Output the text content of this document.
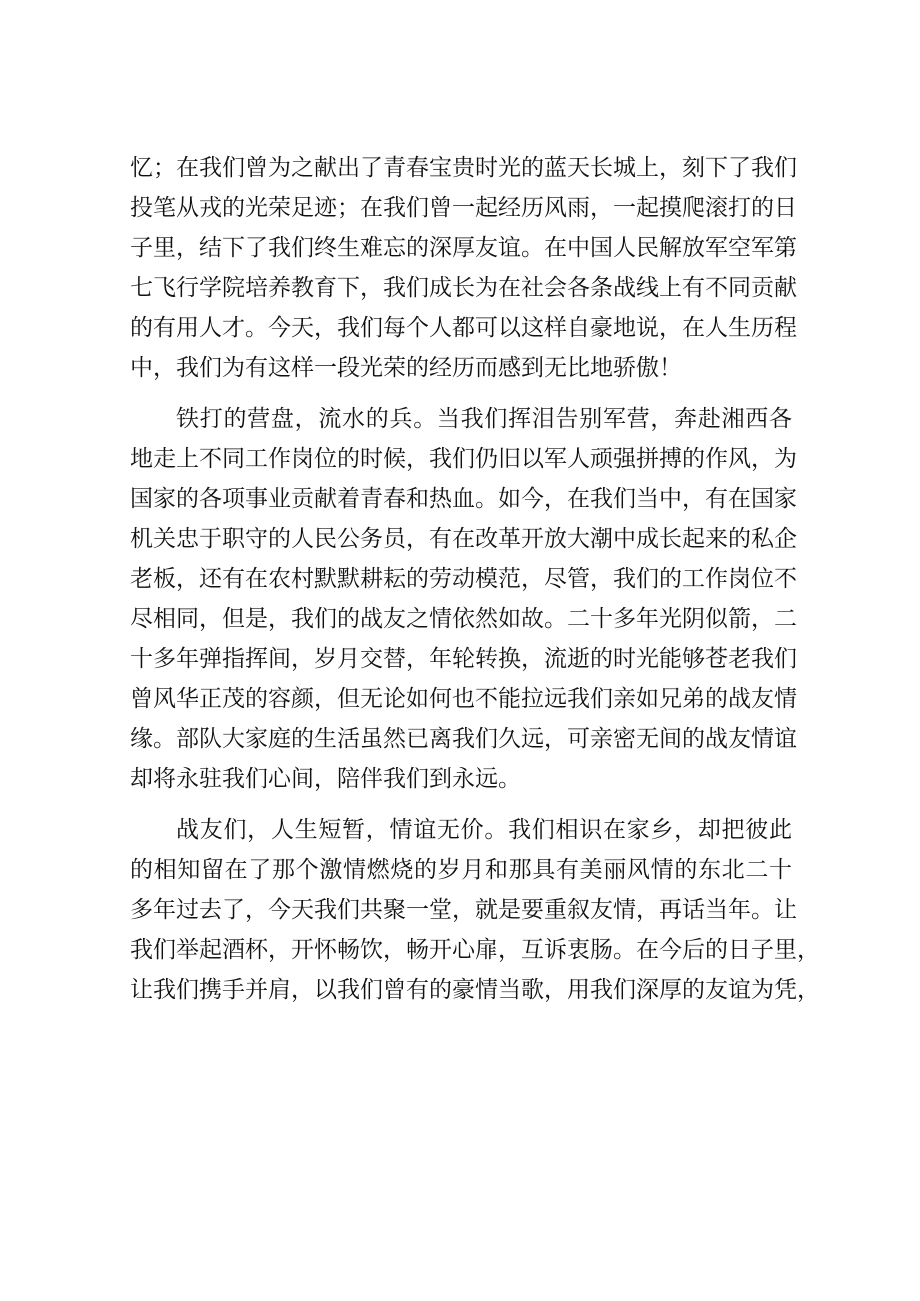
忆；在我们曾为之献出了青春宝贵时光的蓝天长城上，刻下了我们
投笔从戎的光荣足迹；在我们曾一起经历风雨，一起摸爬滚打的日
子里，结下了我们终生难忘的深厚友谊。在中国人民解放军空军第
七飞行学院培养教育下，我们成长为在社会各条战线上有不同贡献
的有用人才。今天，我们每个人都可以这样自豪地说，在人生历程
中，我们为有这样一段光荣的经历而感到无比地骄傲！
铁打的营盘，流水的兵。当我们挥泪告别军营，奔赴湘西各
地走上不同工作岗位的时候，我们仍旧以军人顽强拼搏的作风，为
国家的各项事业贡献着青春和热血。如今，在我们当中，有在国家
机关忠于职守的人民公务员，有在改革开放大潮中成长起来的私企
老板，还有在农村默默耕耘的劳动模范，尽管，我们的工作岗位不
尽相同，但是，我们的战友之情依然如故。二十多年光阴似箭，二
十多年弹指挥间，岁月交替，年轮转换，流逝的时光能够苍老我们
曾风华正茂的容颜，但无论如何也不能拉远我们亲如兄弟的战友情
缘。部队大家庭的生活虽然已离我们久远，可亲密无间的战友情谊
却将永驻我们心间，陪伴我们到永远。
战友们，人生短暂，情谊无价。我们相识在家乡，却把彼此
的相知留在了那个激情燃烧的岁月和那具有美丽风情的东北二十
多年过去了，今天我们共聚一堂，就是要重叙友情，再话当年。让
我们举起酒杯，开怀畅饮，畅开心扉，互诉衷肠。在今后的日子里，
让我们携手并肩，以我们曾有的豪情当歌，用我们深厚的友谊为凭，
